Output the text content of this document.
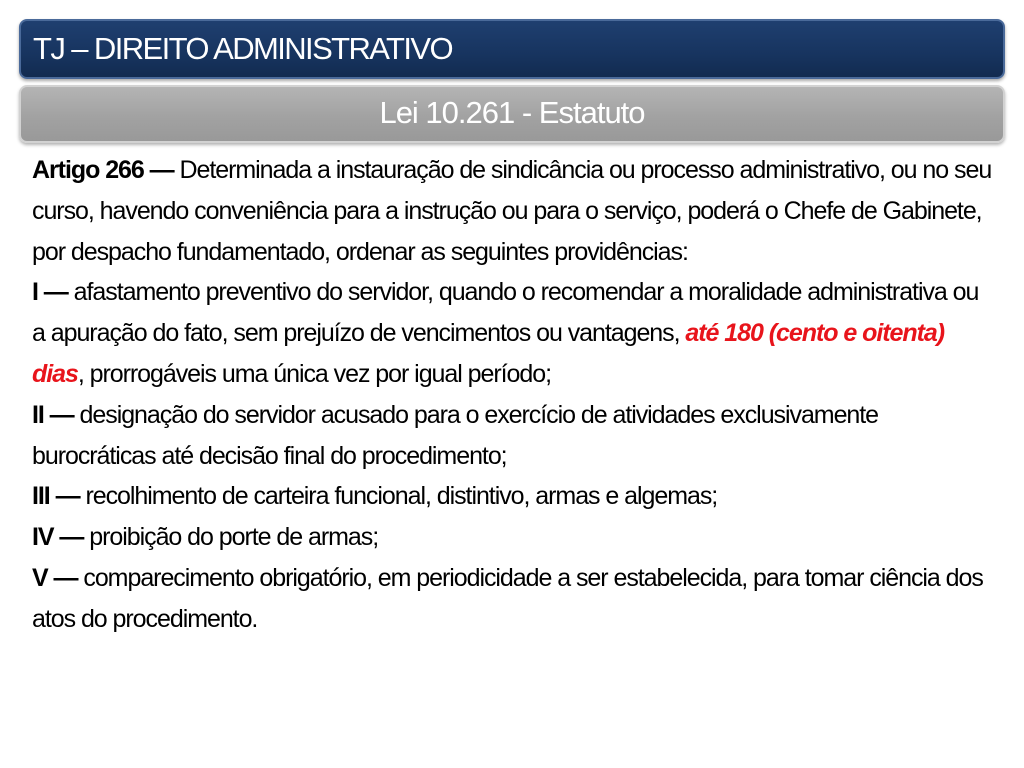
TJ – DIREITO ADMINISTRATIVO
Lei 10.261 - Estatuto

Artigo 266 — Determinada a instauração de sindicância ou processo administrativo, ou no seu curso, havendo conveniência para a instrução ou para o serviço, poderá o Chefe de Gabinete, por despacho fundamentado, ordenar as seguintes providências:

I — afastamento preventivo do servidor, quando o recomendar a moralidade administrativa ou a apuração do fato, sem prejuízo de vencimentos ou vantagens, até 180 (cento e oitenta) dias, prorrogáveis uma única vez por igual período;

II — designação do servidor acusado para o exercício de atividades exclusivamente burocráticas até decisão final do procedimento;

III — recolhimento de carteira funcional, distintivo, armas e algemas;

IV — proibição do porte de armas;

V — comparecimento obrigatório, em periodicidade a ser estabelecida, para tomar ciência dos atos do procedimento.
